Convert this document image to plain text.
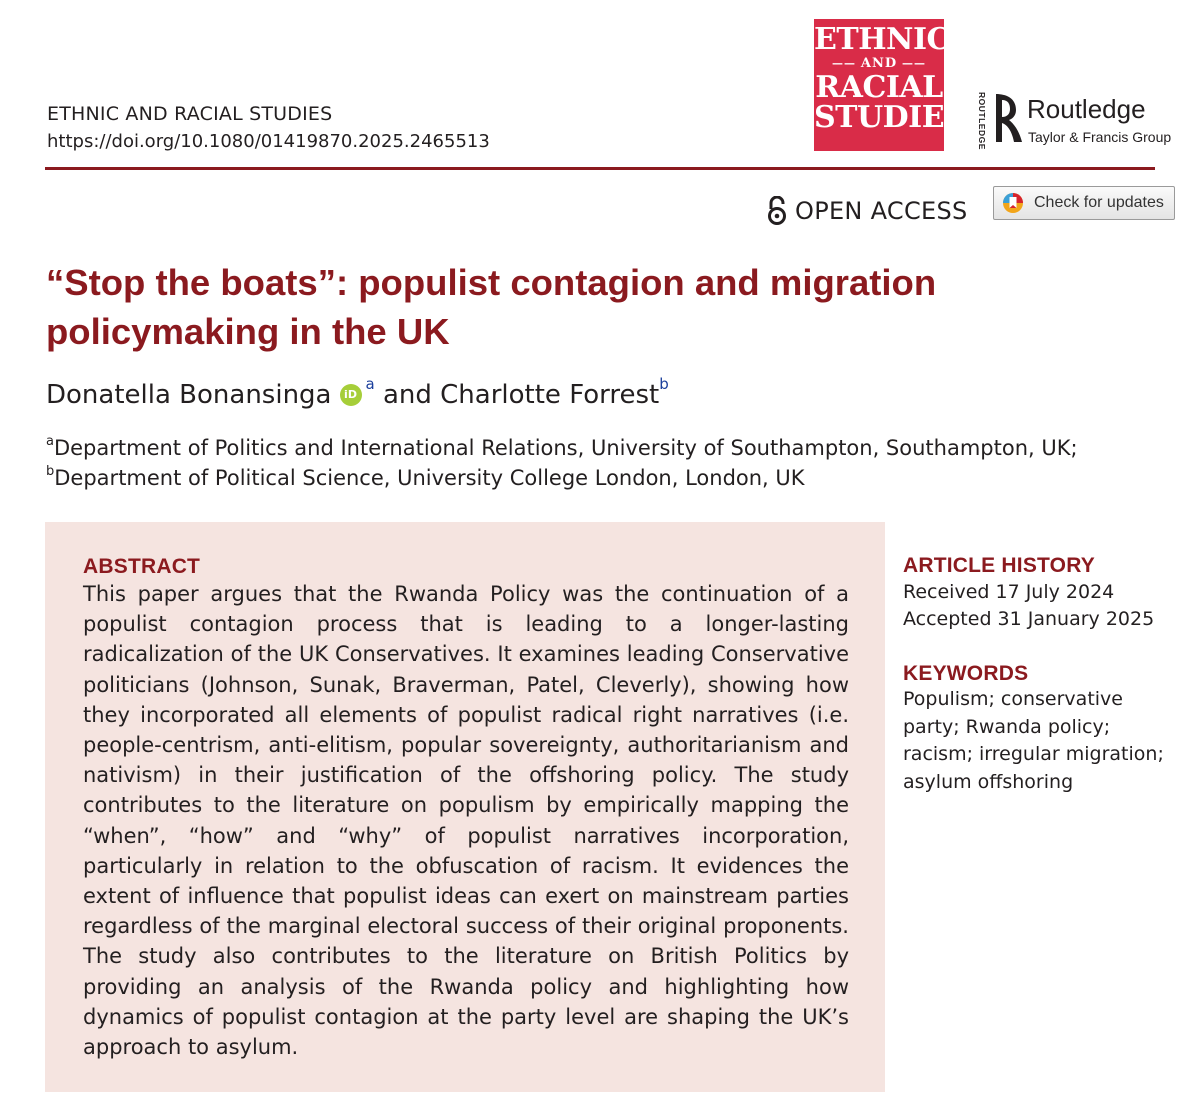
ETHNIC AND RACIAL STUDIES
https://doi.org/10.1080/01419870.2025.2465513
ETHNIC
—— AND ——
RACIAL
STUDIES ROUTLEDGE Routledge
Taylor & Francis Group
OPEN ACCESS	Check for updates
“Stop the boats”: populist contagion and migration policymaking in the UK
Donatella Bonansinga $iD^a$ and Charlotte Forrest$^b$
$^a$Department of Politics and International Relations, University of Southampton, Southampton, UK;
$^b$Department of Political Science, University College London, London, UK
ABSTRACT
This paper argues that the Rwanda Policy was the continuation of a populist contagion process that is leading to a longer-lasting radicalization of the UK Conservatives. It examines leading Conservative politicians (Johnson, Sunak, Braverman, Patel, Cleverly), showing how they incorporated all elements of populist radical right narratives (i.e. people-centrism, anti-elitism, popular sovereignty, authoritarianism and nativism) in their justification of the offshoring policy. The study contributes to the literature on populism by empirically mapping the “when”, “how” and “why” of populist narratives incorporation, particularly in relation to the obfuscation of racism. It evidences the extent of influence that populist ideas can exert on mainstream parties regardless of the marginal electoral success of their original proponents. The study also contributes to the literature on British Politics by providing an analysis of the Rwanda policy and highlighting how dynamics of populist contagion at the party level are shaping the UK’s approach to asylum.
ARTICLE HISTORY
Received 17 July 2024
Accepted 31 January 2025
KEYWORDS
Populism; conservative party; Rwanda policy; racism; irregular migration; asylum offshoring
